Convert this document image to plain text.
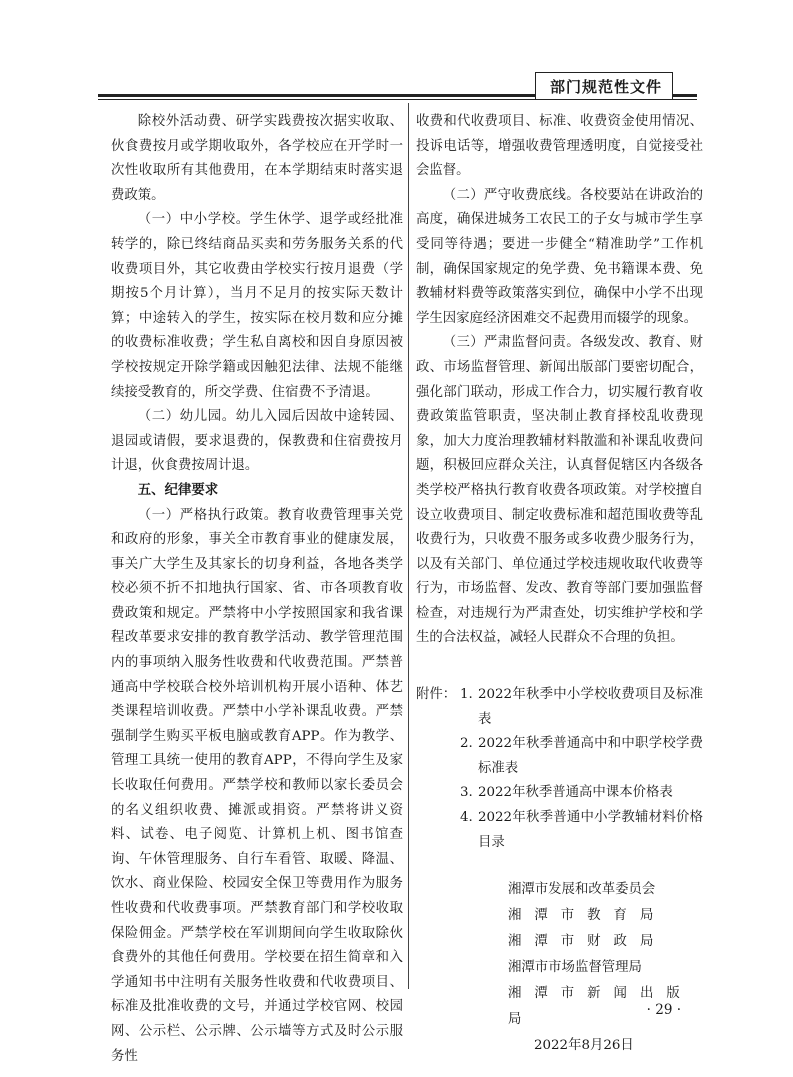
部门规范性文件

除校外活动费、研学实践费按次据实收取、伙食费按月或学期收取外，各学校应在开学时一次性收取所有其他费用，在本学期结束时落实退费政策。

（一）中小学校。学生休学、退学或经批准转学的，除已终结商品买卖和劳务服务关系的代收费项目外，其它收费由学校实行按月退费（学期按5个月计算），当月不足月的按实际天数计算；中途转入的学生，按实际在校月数和应分摊的收费标准收费；学生私自离校和因自身原因被学校按规定开除学籍或因触犯法律、法规不能继续接受教育的，所交学费、住宿费不予清退。

（二）幼儿园。幼儿入园后因故中途转园、退园或请假，要求退费的，保教费和住宿费按月计退，伙食费按周计退。

五、纪律要求

（一）严格执行政策。教育收费管理事关党和政府的形象，事关全市教育事业的健康发展，事关广大学生及其家长的切身利益，各地各类学校必须不折不扣地执行国家、省、市各项教育收费政策和规定。严禁将中小学按照国家和我省课程改革要求安排的教育教学活动、教学管理范围内的事项纳入服务性收费和代收费范围。严禁普通高中学校联合校外培训机构开展小语种、体艺类课程培训收费。严禁中小学补课乱收费。严禁强制学生购买平板电脑或教育APP。作为教学、管理工具统一使用的教育APP，不得向学生及家长收取任何费用。严禁学校和教师以家长委员会的名义组织收费、摊派或捐资。严禁将讲义资料、试卷、电子阅览、计算机上机、图书馆查询、午休管理服务、自行车看管、取暖、降温、饮水、商业保险、校园安全保卫等费用作为服务性收费和代收费事项。严禁教育部门和学校收取保险佣金。严禁学校在军训期间向学生收取除伙食费外的其他任何费用。学校要在招生简章和入学通知书中注明有关服务性收费和代收费项目、标准及批准收费的文号，并通过学校官网、校园网、公示栏、公示牌、公示墙等方式及时公示服务性

收费和代收费项目、标准、收费资金使用情况、投诉电话等，增强收费管理透明度，自觉接受社会监督。

（二）严守收费底线。各校要站在讲政治的高度，确保进城务工农民工的子女与城市学生享受同等待遇；要进一步健全“精准助学”工作机制，确保国家规定的免学费、免书籍课本费、免教辅材料费等政策落实到位，确保中小学不出现学生因家庭经济困难交不起费用而辍学的现象。

（三）严肃监督问责。各级发改、教育、财政、市场监督管理、新闻出版部门要密切配合，强化部门联动，形成工作合力，切实履行教育收费政策监管职责，坚决制止教育择校乱收费现象，加大力度治理教辅材料散滥和补课乱收费问题，积极回应群众关注，认真督促辖区内各级各类学校严格执行教育收费各项政策。对学校擅自设立收费项目、制定收费标准和超范围收费等乱收费行为，只收费不服务或多收费少服务行为，以及有关部门、单位通过学校违规收取代收费等行为，市场监督、发改、教育等部门要加强监督检查，对违规行为严肃查处，切实维护学校和学生的合法权益，减轻人民群众不合理的负担。

附件： 1. 2022年秋季中小学校收费项目及标准表
2. 2022年秋季普通高中和中职学校学费标准表
3. 2022年秋季普通高中课本价格表
4. 2022年秋季普通中小学教辅材料价格目录
湘潭市发展和改革委员会
湘潭市教育局
湘潭市财政局
湘潭市市场监督管理局
湘潭市新闻出版局
2022年8月26日
· 29 ·
